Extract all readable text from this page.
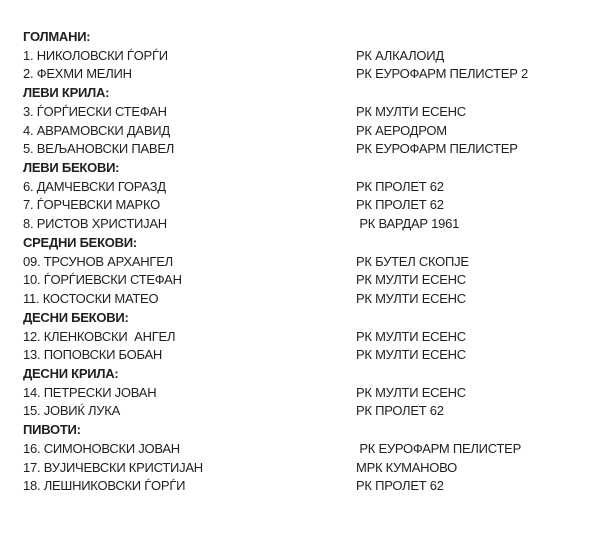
ГОЛМАНИ:
1. НИКОЛОВСКИ ЃОРЃИ	РК АЛКАЛОИД
2. ФЕХМИ МЕЛИН	РК ЕУРОФАРМ ПЕЛИСТЕР 2
ЛЕВИ КРИЛА:
3. ЃОРЃИЕСКИ СТЕФАН	РК МУЛТИ ЕСЕНС
4. АВРАМОВСКИ ДАВИД	РК АЕРОДРОМ
5. ВЕЉАНОВСКИ ПАВЕЛ	РК ЕУРОФАРМ ПЕЛИСТЕР
ЛЕВИ БЕКОВИ:
6. ДАМЧЕВСКИ ГОРАЗД	РК ПРОЛЕТ 62
7. ЃОРЧЕВСКИ МАРКО	РК ПРОЛЕТ 62
8. РИСТОВ ХРИСТИЈАН	РК ВАРДАР 1961
СРЕДНИ БЕКОВИ:
09. ТРСУНОВ АРХАНГЕЛ	РК БУТЕЛ СКОПЈЕ
10. ЃОРЃИЕВСКИ СТЕФАН	РК МУЛТИ ЕСЕНС
11. КОСТОСКИ МАТЕО	РК МУЛТИ ЕСЕНС
ДЕСНИ БЕКОВИ:
12. КЛЕНКОВСКИ  АНГЕЛ	РК МУЛТИ ЕСЕНС
13. ПОПОВСКИ БОБАН	РК МУЛТИ ЕСЕНС
ДЕСНИ КРИЛА:
14. ПЕТРЕСКИ ЈОВАН	РК МУЛТИ ЕСЕНС
15. ЈОВИЌ ЛУКА	РК ПРОЛЕТ 62
ПИВОТИ:
16. СИМОНОВСКИ ЈОВАН	РК ЕУРОФАРМ ПЕЛИСТЕР
17. ВУЈИЧЕВСКИ КРИСТИЈАН	МРК КУМАНОВО
18. ЛЕШНИКОВСКИ ЃОРЃИ	РК ПРОЛЕТ 62
